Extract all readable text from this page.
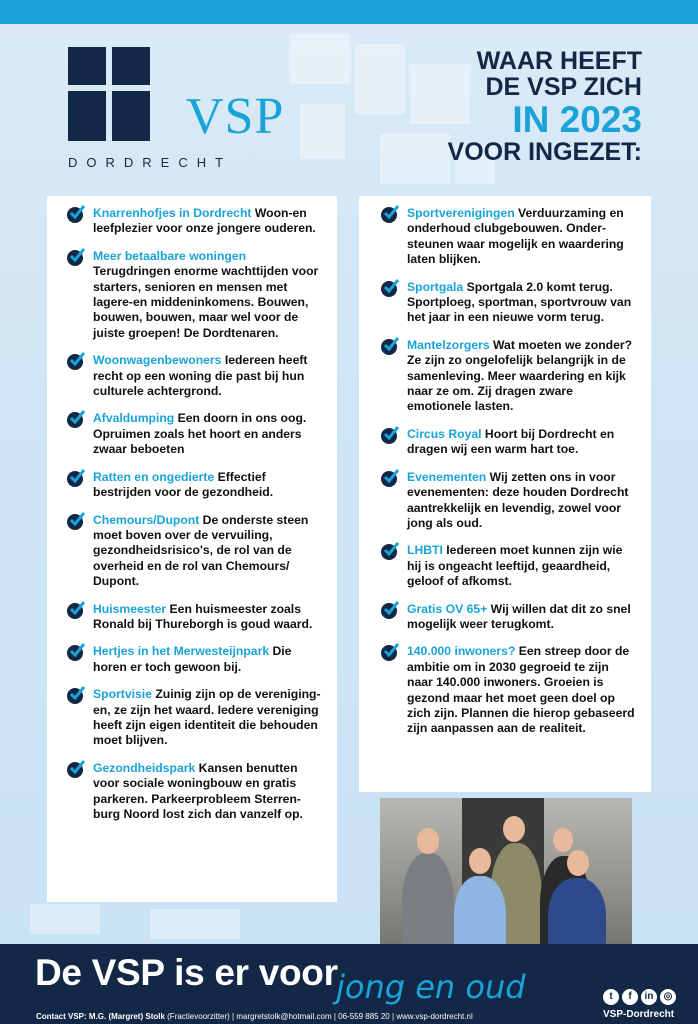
VSP
DORDRECHT
WAAR HEEFT
DE VSP ZICH
IN 2023
VOOR INGEZET:
Knarrenhofjes in Dordrecht Woon-en leefplezier voor onze jongere ouderen.
Meer betaalbare woningen Terugdringen enorme wachttijden voor starters, senioren en mensen met lagere-en middeninkomens. Bouwen, bouwen, bouwen, maar wel voor de juiste groepen! De Dordtenaren.
Woonwagenbewoners Iedereen heeft recht op een woning die past bij hun culturele achtergrond.
Afvaldumping Een doorn in ons oog. Opruimen zoals het hoort en anders zwaar beboeten
Ratten en ongedierte Effectief bestrijden voor de gezondheid.
Chemours/Dupont De onderste steen moet boven over de vervuiling, gezondheidsrisico's, de rol van de overheid en de rol van Chemours/ Dupont.
Huismeester Een huismeester zoals Ronald bij Thureborgh is goud waard.
Hertjes in het Merwesteijnpark Die horen er toch gewoon bij.
Sportvisie Zuinig zijn op de vereniging-en, ze zijn het waard. Iedere vereniging heeft zijn eigen identiteit die behouden moet blijven.
Gezondheidspark Kansen benutten voor sociale woningbouw en gratis parkeren. Parkeerprobleem Sterren-burg Noord lost zich dan vanzelf op.
Sportverenigingen Verduurzaming en onderhoud clubgebouwen. Onder-steunen waar mogelijk en waardering laten blijken.
Sportgala Sportgala 2.0 komt terug. Sportploeg, sportman, sportvrouw van het jaar in een nieuwe vorm terug.
Mantelzorgers Wat moeten we zonder? Ze zijn zo ongelofelijk belangrijk in de samenleving. Meer waardering en kijk naar ze om. Zij dragen zware emotionele lasten.
Circus Royal Hoort bij Dordrecht en dragen wij een warm hart toe.
Evenementen Wij zetten ons in voor evenementen: deze houden Dordrecht aantrekkelijk en levendig, zowel voor jong als oud.
LHBTI Iedereen moet kunnen zijn wie hij is ongeacht leeftijd, geaardheid, geloof of afkomst.
Gratis OV 65+ Wij willen dat dit zo snel mogelijk weer terugkomt.
140.000 inwoners? Een streep door de ambitie om in 2030 gegroeid te zijn naar 140.000 inwoners. Groeien is gezond maar het moet geen doel op zich zijn. Plannen die hierop gebaseerd zijn aanpassen aan de realiteit.
De VSP is er voor
jong en oud
Contact VSP: M.G. (Margret) Stolk (Fractievoorzitter) | margretstolk@hotmail.com | 06-559 885 20 | www.vsp-dordrecht.nl
t	f	in	◎
VSP-Dordrecht
